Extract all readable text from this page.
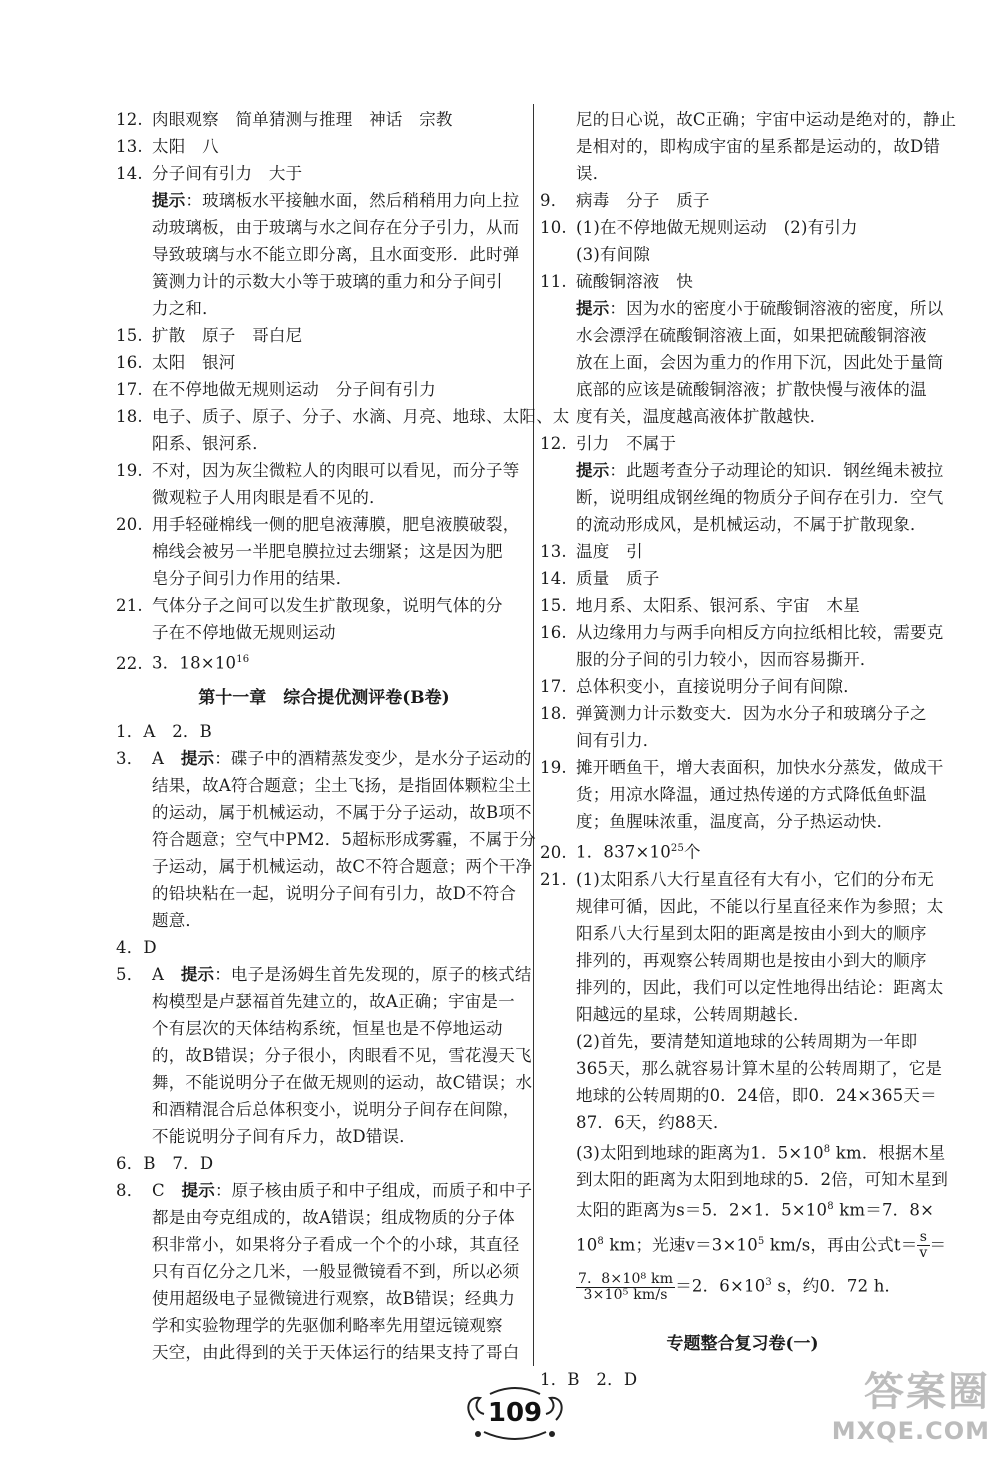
12. 肉眼观察　简单猜测与推理　神话　宗教
13. 太阳　八
14. 分子间有引力　大于
提示：玻璃板水平接触水面，然后稍稍用力向上拉
动玻璃板，由于玻璃与水之间存在分子引力，从而
导致玻璃与水不能立即分离，且水面变形．此时弹
簧测力计的示数大小等于玻璃的重力和分子间引
力之和．
15. 扩散　原子　哥白尼
16. 太阳　银河
17. 在不停地做无规则运动　分子间有引力
18. 电子、质子、原子、分子、水滴、月亮、地球、太阳、太
阳系、银河系．
19. 不对，因为灰尘微粒人的肉眼可以看见，而分子等
微观粒子人用肉眼是看不见的．
20. 用手轻碰棉线一侧的肥皂液薄膜，肥皂液膜破裂，
棉线会被另一半肥皂膜拉过去绷紧；这是因为肥
皂分子间引力作用的结果．
21. 气体分子之间可以发生扩散现象，说明气体的分
子在不停地做无规则运动
22. 3．$18\times 10^{16}$
第十一章　综合提优测评卷(B卷)
1．A　2．B
3． A　 提示：碟子中的酒精蒸发变少，是水分子运动的
结果，故A符合题意；尘土飞扬，是指固体颗粒尘土
的运动，属于机械运动，不属于分子运动，故B项不
符合题意；空气中PM2．5超标形成雾霾，不属于分
子运动，属于机械运动，故C不符合题意；两个干净
的铅块粘在一起，说明分子间有引力，故D不符合
题意．
4．D
5． A　 提示：电子是汤姆生首先发现的，原子的核式结
构模型是卢瑟福首先建立的，故A正确；宇宙是一
个有层次的天体结构系统，恒星也是不停地运动
的，故B错误；分子很小，肉眼看不见，雪花漫天飞
舞，不能说明分子在做无规则的运动，故C错误；水
和酒精混合后总体积变小，说明分子间存在间隙，
不能说明分子间有斥力，故D错误．
6．B　7．D
8． C　 提示：原子核由质子和中子组成，而质子和中子
都是由夸克组成的，故A错误；组成物质的分子体
积非常小，如果将分子看成一个个的小球，其直径
只有百亿分之几米，一般显微镜看不到，所以必须
使用超级电子显微镜进行观察，故B错误；经典力
学和实验物理学的先驱伽利略率先用望远镜观察
天空，由此得到的关于天体运行的结果支持了哥白
尼的日心说，故C正确；宇宙中运动是绝对的，静止
是相对的，即构成宇宙的星系都是运动的，故D错
误．
9． 病毒　分子　质子
10. (1)在不停地做无规则运动　(2)有引力
(3)有间隙
11. 硫酸铜溶液　快
提示：因为水的密度小于硫酸铜溶液的密度，所以
水会漂浮在硫酸铜溶液上面，如果把硫酸铜溶液
放在上面，会因为重力的作用下沉，因此处于量筒
底部的应该是硫酸铜溶液；扩散快慢与液体的温
度有关，温度越高液体扩散越快．
12. 引力　不属于
提示：此题考查分子动理论的知识．钢丝绳未被拉
断，说明组成钢丝绳的物质分子间存在引力．空气
的流动形成风，是机械运动，不属于扩散现象．
13. 温度　引
14. 质量　质子
15. 地月系、太阳系、银河系、宇宙　木星
16. 从边缘用力与两手向相反方向拉纸相比较，需要克
服的分子间的引力较小，因而容易撕开．
17. 总体积变小，直接说明分子间有间隙．
18. 弹簧测力计示数变大．因为水分子和玻璃分子之
间有引力．
19. 摊开晒鱼干，增大表面积，加快水分蒸发，做成干
货；用凉水降温，通过热传递的方式降低鱼虾温
度；鱼腥味浓重，温度高，分子热运动快．
20. 1．$837\times 10^{25}$个
21. (1)太阳系八大行星直径有大有小，它们的分布无
规律可循，因此，不能以行星直径来作为参照；太
阳系八大行星到太阳的距离是按由小到大的顺序
排列的，再观察公转周期也是按由小到大的顺序
排列的，因此，我们可以定性地得出结论：距离太
阳越远的星球，公转周期越长．
(2)首先，要清楚知道地球的公转周期为一年即
365天，那么就容易计算木星的公转周期了，它是
地球的公转周期的0．24倍，即0．24×365天＝
87．6天，约88天．
(3)太阳到地球的距离为1．$5\times 10^8$ km．根据木星
到太阳的距离为太阳到地球的5．2倍，可知木星到
太阳的距离为s＝5．2×1．$5\times 10^8$ km＝7．8×
$10^8$ km；光速$v=3\times 10^5$ km/s，再由公式$t= \frac{s}{v}$ ＝
$\frac{\text{7．8×10⁸ km}}{\text{3×10⁵ km/s}} =2$．$6\times 10^3$ s，约0．72 h．
专题整合复习卷(一)
1．B　2．D
109	答案圈
MXQE.COM
